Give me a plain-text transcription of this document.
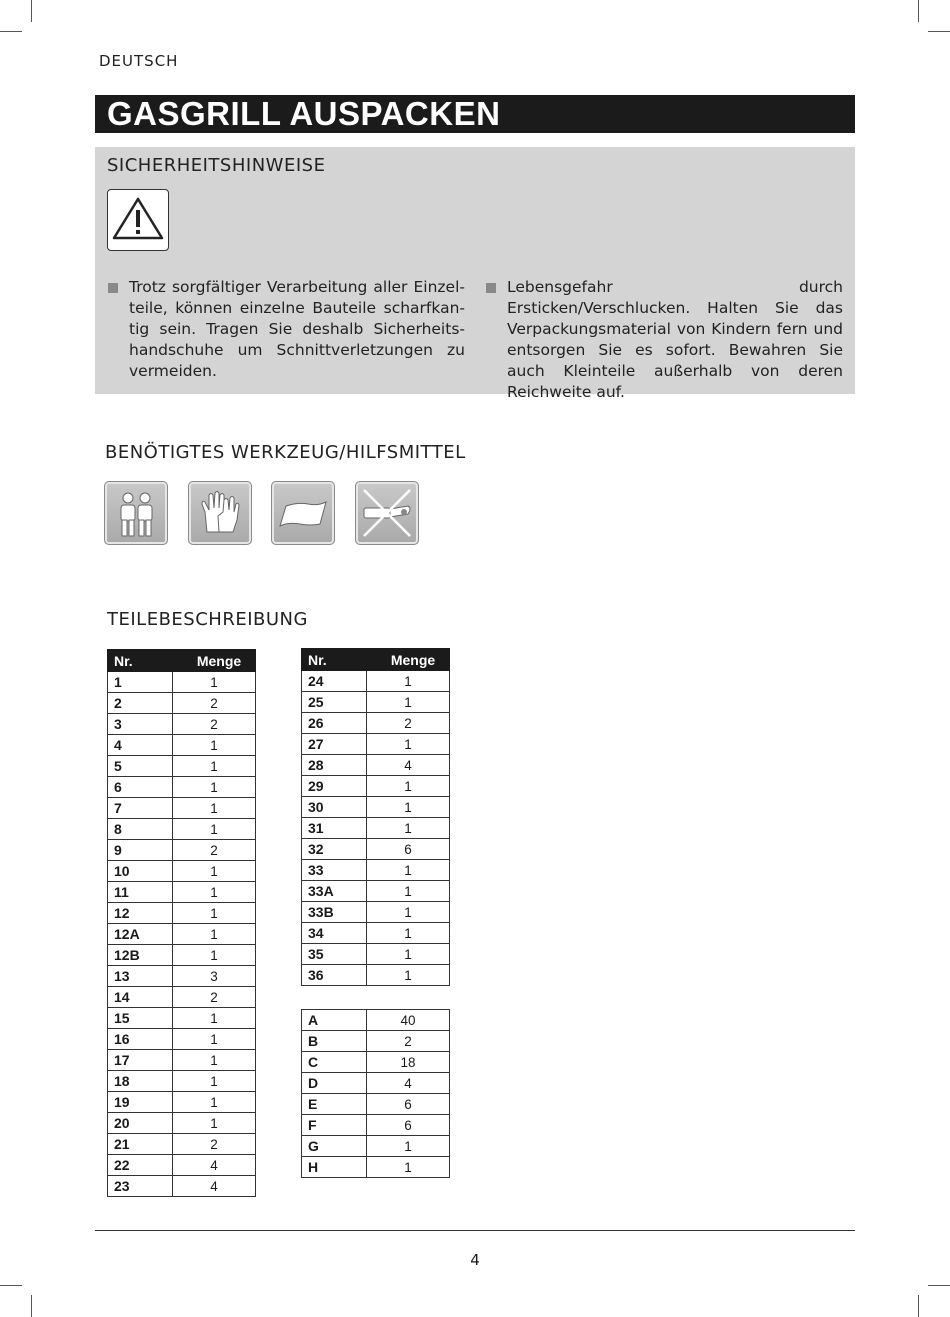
DEUTSCH
GASGRILL AUSPACKEN
SICHERHEITSHINWEISE
Trotz sorgfältiger Verarbeitung aller Einzelteile, können einzelne Bauteile scharfkantig sein. Tragen Sie deshalb Sicherheitshandschuhe um Schnittverletzungen zu vermeiden.
Lebensgefahr durch Ersticken/Verschlucken. Halten Sie das Verpackungsmaterial von Kindern fern und entsorgen Sie es sofort. Bewahren Sie auch Kleinteile außerhalb von deren Reichweite auf.
BENÖTIGTES WERKZEUG/HILFSMITTEL
TEILEBESCHREIBUNG
Nr.	Menge
1	1
2	2
3	2
4	1
5	1
6	1
7	1
8	1
9	2
10	1
11	1
12	1
12A	1
12B	1
13	3
14	2
15	1
16	1
17	1
18	1
19	1
20	1
21	2
22	4
23	4
Nr.	Menge
24	1
25	1
26	2
27	1
28	4
29	1
30	1
31	1
32	6
33	1
33A	1
33B	1
34	1
35	1
36	1
A	40
B	2
C	18
D	4
E	6
F	6
G	1
H	1
4
